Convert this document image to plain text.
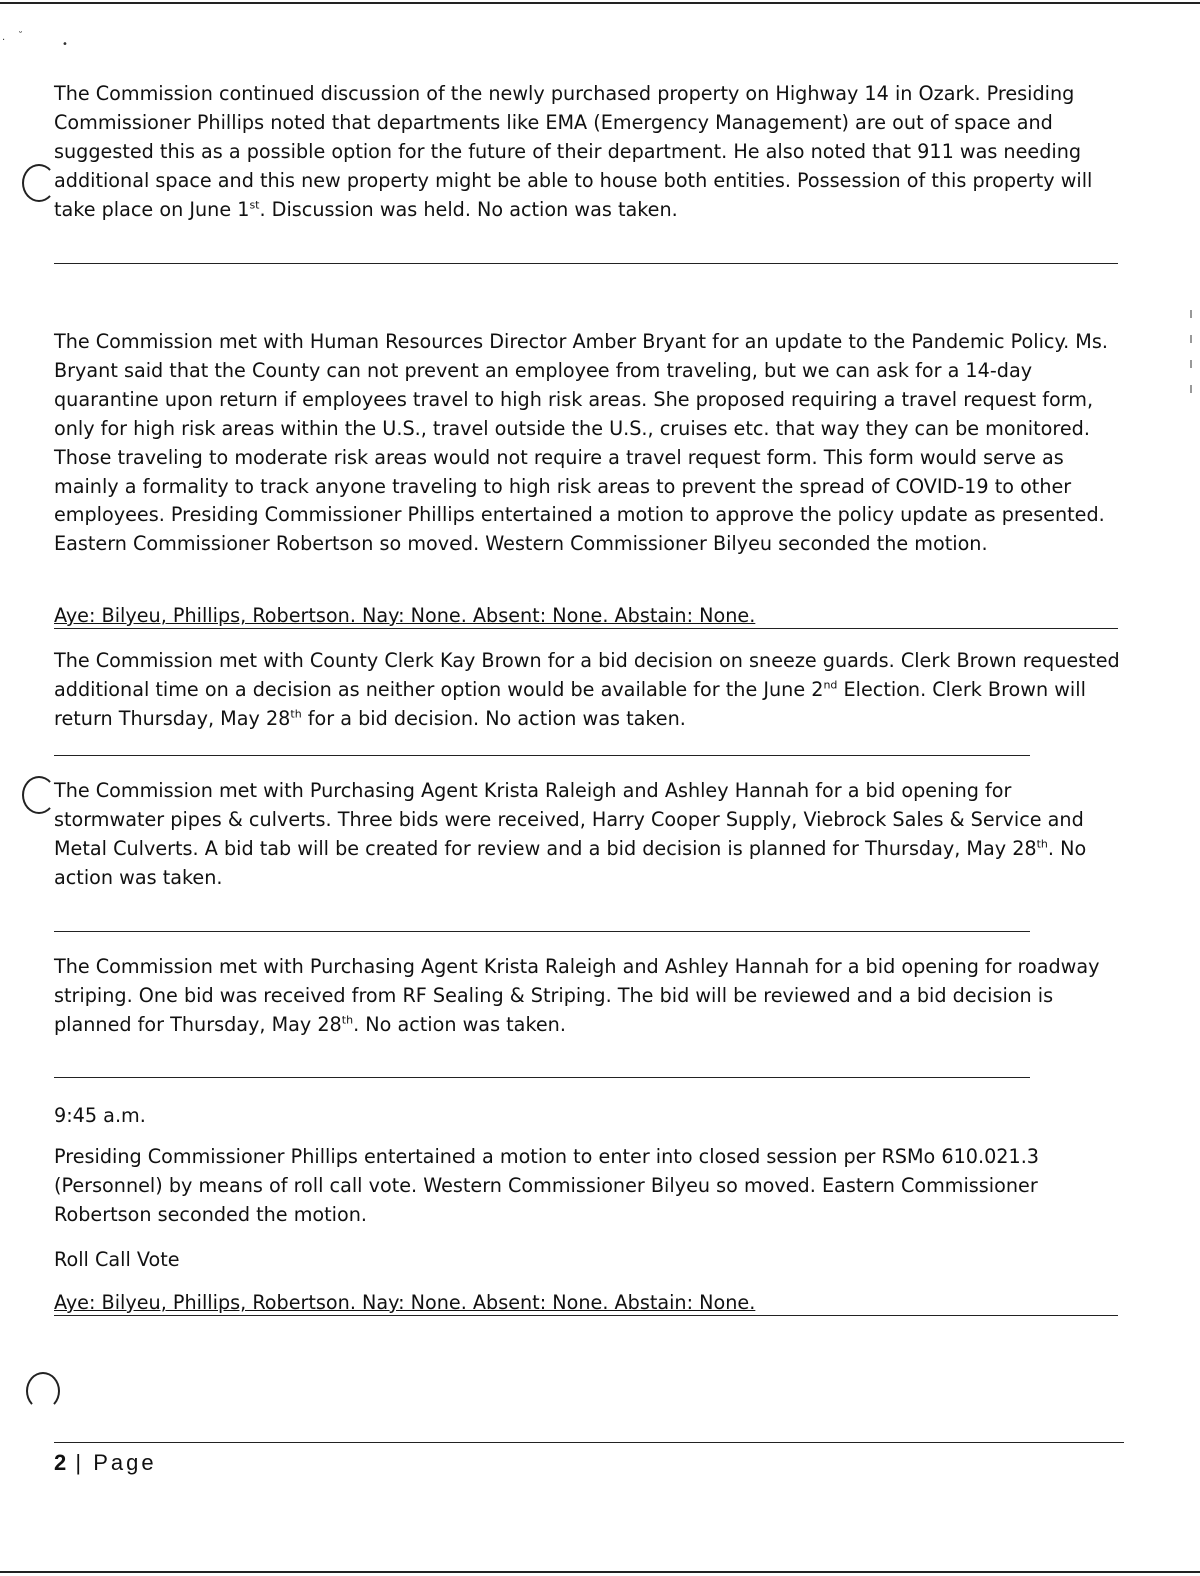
· ˘
•

The Commission continued discussion of the newly purchased property on Highway 14 in Ozark. Presiding Commissioner Phillips noted that departments like EMA (Emergency Management) are out of space and suggested this as a possible option for the future of their department. He also noted that 911 was needing additional space and this new property might be able to house both entities. Possession of this property will take place on June 1st. Discussion was held. No action was taken.

The Commission met with Human Resources Director Amber Bryant for an update to the Pandemic Policy. Ms. Bryant said that the County can not prevent an employee from traveling, but we can ask for a 14-day quarantine upon return if employees travel to high risk areas. She proposed requiring a travel request form, only for high risk areas within the U.S., travel outside the U.S., cruises etc. that way they can be monitored. Those traveling to moderate risk areas would not require a travel request form. This form would serve as mainly a formality to track anyone traveling to high risk areas to prevent the spread of COVID-19 to other employees. Presiding Commissioner Phillips entertained a motion to approve the policy update as presented. Eastern Commissioner Robertson so moved. Western Commissioner Bilyeu seconded the motion.

Aye: Bilyeu, Phillips, Robertson. Nay: None. Absent: None. Abstain: None.

The Commission met with County Clerk Kay Brown for a bid decision on sneeze guards. Clerk Brown requested additional time on a decision as neither option would be available for the June 2nd Election. Clerk Brown will return Thursday, May 28th for a bid decision. No action was taken.

The Commission met with Purchasing Agent Krista Raleigh and Ashley Hannah for a bid opening for stormwater pipes & culverts. Three bids were received, Harry Cooper Supply, Viebrock Sales & Service and Metal Culverts. A bid tab will be created for review and a bid decision is planned for Thursday, May 28th. No action was taken.

The Commission met with Purchasing Agent Krista Raleigh and Ashley Hannah for a bid opening for roadway striping. One bid was received from RF Sealing & Striping. The bid will be reviewed and a bid decision is planned for Thursday, May 28th. No action was taken.

9:45 a.m.

Presiding Commissioner Phillips entertained a motion to enter into closed session per RSMo 610.021.3 (Personnel) by means of roll call vote. Western Commissioner Bilyeu so moved. Eastern Commissioner Robertson seconded the motion.

Roll Call Vote
Aye: Bilyeu, Phillips, Robertson. Nay: None. Absent: None. Abstain: None.
2 | Page
